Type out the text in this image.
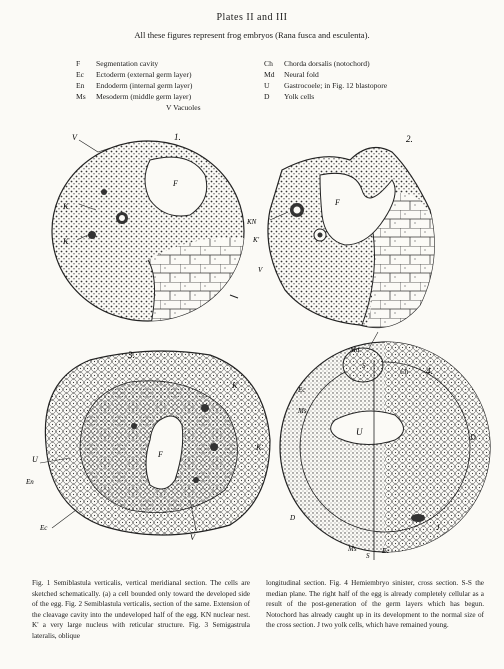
Plates II and III
All these figures represent frog embryos (Rana fusca and esculenta).
F	Segmentation cavity
Ec	Ectoderm (external germ layer)
En	Endoderm (internal germ layer)
Ms	Mesoderm (middle germ layer)
Ch	Chorda dorsalis (notochord)
Md	Neural fold
U	Gastrocoele; in Fig. 12 blastopore
D	Yolk cells
V Vacuoles
1.
V
K
K
F
2.
KN
F
K'
V
3.
K
U
En
F
K
Ec
V
4.
Md
S
Ch
Ec
Ms
U
D
D
J
Ms
S
Ec
Fig. 1 Semiblastula verticalis, vertical meridianal section. The cells are sketched schematically. (a) a cell bounded only toward the developed side of the egg. Fig. 2 Semiblastula verticalis, section of the same. Extension of the cleavage cavity into the undeveloped half of the egg. KN nuclear nest. K' a very large nucleus with reticular structure. Fig. 3 Semigastrula lateralis, oblique
longitudinal section. Fig. 4 Hemiembryo sinister, cross section. S-S the median plane. The right half of the egg is already completely cellular as a result of the post-generation of the germ layers which has begun. Notochord has already caught up in its development to the normal size of the cross section. J two yolk cells, which have remained young.
